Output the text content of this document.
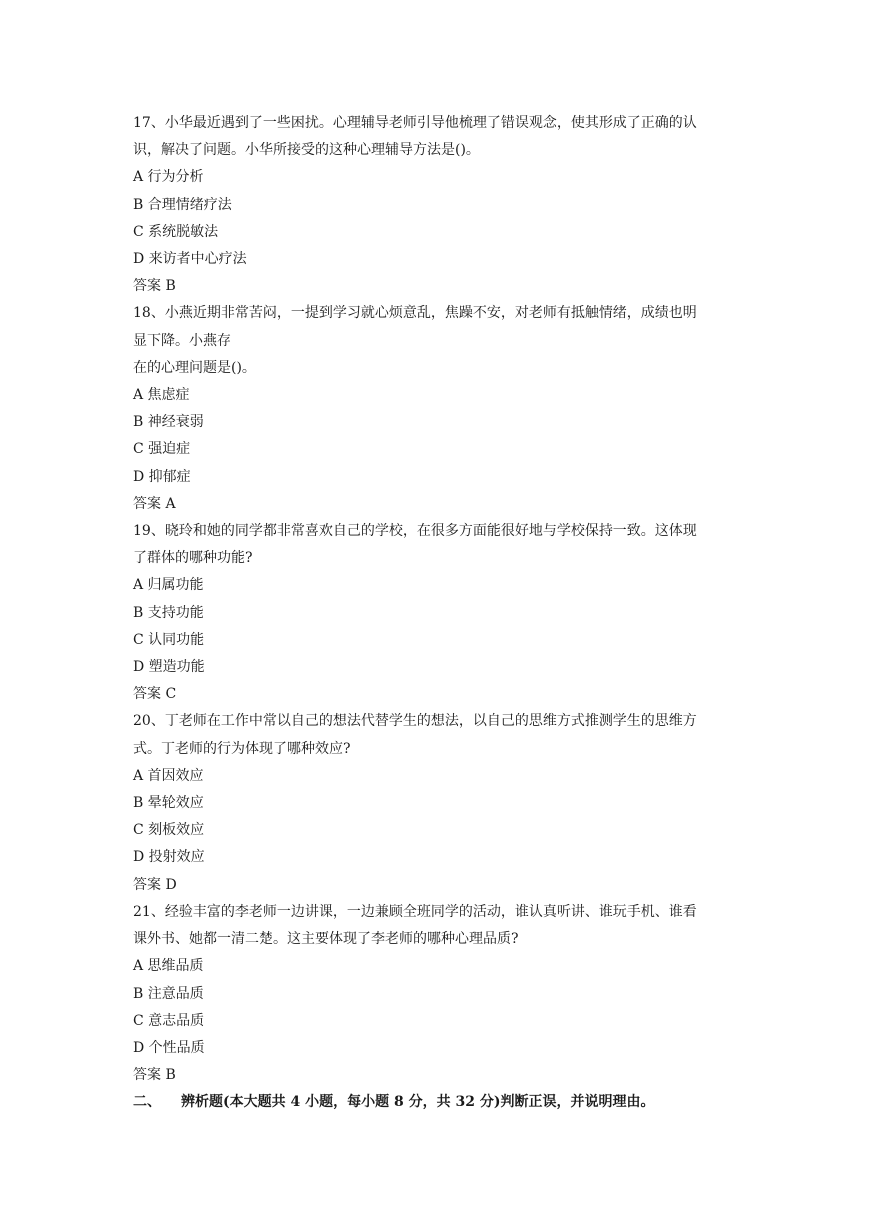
17、小华最近遇到了一些困扰。心理辅导老师引导他梳理了错误观念，使其形成了正确的认

识，解决了问题。小华所接受的这种心理辅导方法是()。

A 行为分析

B 合理情绪疗法

C 系统脱敏法

D 来访者中心疗法

答案 B

18、小燕近期非常苦闷，一提到学习就心烦意乱，焦躁不安，对老师有抵触情绪，成绩也明

显下降。小燕存

在的心理问题是()。

A 焦虑症

B 神经衰弱

C 强迫症

D 抑郁症

答案 A

19、晓玲和她的同学都非常喜欢自己的学校，在很多方面能很好地与学校保持一致。这体现

了群体的哪种功能?

A 归属功能

B 支持功能

C 认同功能

D 塑造功能

答案 C

20、丁老师在工作中常以自己的想法代替学生的想法，以自己的思维方式推测学生的思维方

式。丁老师的行为体现了哪种效应?

A 首因效应

B 晕轮效应

C 刻板效应

D 投射效应

答案 D

21、经验丰富的李老师一边讲课，一边兼顾全班同学的活动，谁认真听讲、谁玩手机、谁看

课外书、她都一清二楚。这主要体现了李老师的哪种心理品质?

A 思维品质

B 注意品质

C 意志品质

D 个性品质

答案 B

二、 辨析题(本大题共 4 小题，每小题 8 分，共 32 分)判断正误，并说明理由。
